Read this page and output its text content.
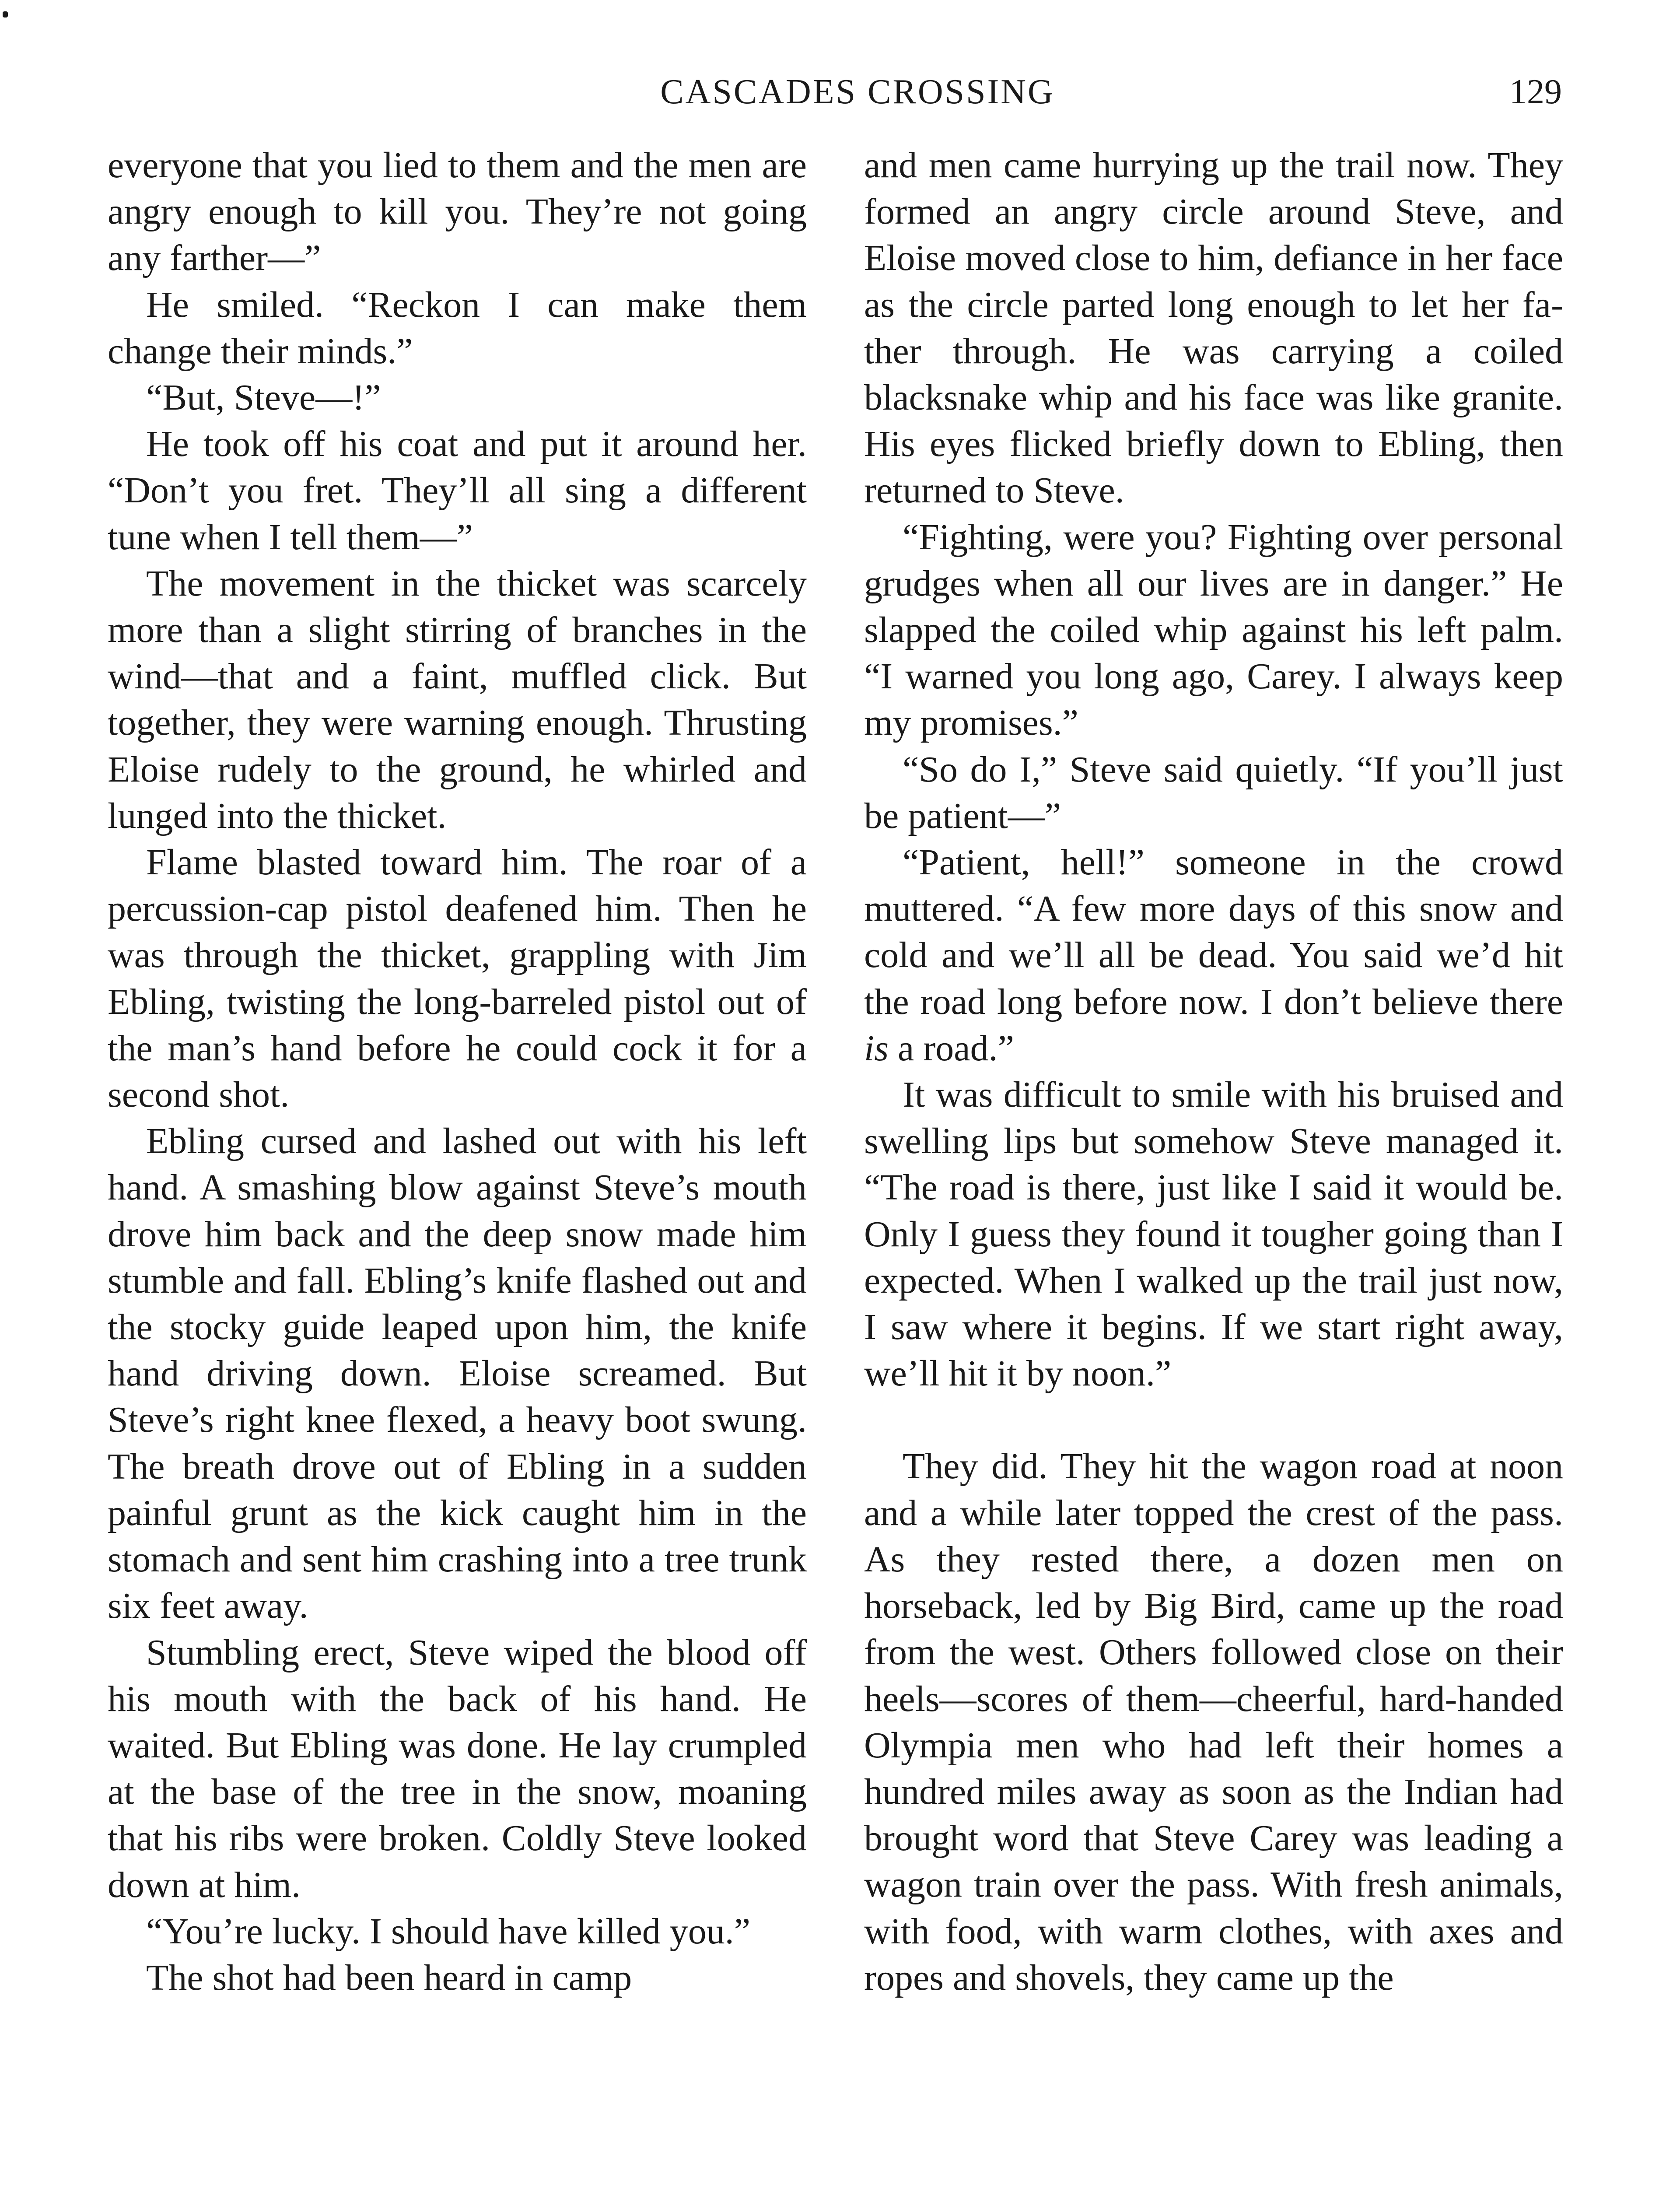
CASCADES CROSSING	129

everyone that you lied to them and the men are angry enough to kill you. They’re not going any farther—”

He smiled. “Reckon I can make them change their minds.”

“But, Steve—!”

He took off his coat and put it around her. “Don’t you fret. They’ll all sing a different tune when I tell them—”

The movement in the thicket was scarcely more than a slight stirring of branches in the wind—that and a faint, muffled click. But together, they were warning enough. Thrusting Eloise rudely to the ground, he whirled and lunged into the thicket.

Flame blasted toward him. The roar of a percussion-cap pistol deafened him. Then he was through the thicket, grappling with Jim Ebling, twisting the long-barreled pistol out of the man’s hand before he could cock it for a second shot.

Ebling cursed and lashed out with his left hand. A smashing blow against Steve’s mouth drove him back and the deep snow made him stumble and fall. Ebling’s knife flashed out and the stocky guide leaped upon him, the knife hand driving down. Eloise screamed. But Steve’s right knee flexed, a heavy boot swung. The breath drove out of Ebling in a sudden painful grunt as the kick caught him in the stomach and sent him crashing into a tree trunk six feet away.

Stumbling erect, Steve wiped the blood off his mouth with the back of his hand. He waited. But Ebling was done. He lay crumpled at the base of the tree in the snow, moaning that his ribs were broken. Coldly Steve looked down at him.

“You’re lucky. I should have killed you.”

The shot had been heard in camp

and men came hurrying up the trail now. They formed an angry circle around Steve, and Eloise moved close to him, defiance in her face as the circle parted long enough to let her father through. He was carrying a coiled blacksnake whip and his face was like granite. His eyes flicked briefly down to Ebling, then returned to Steve.

“Fighting, were you? Fighting over personal grudges when all our lives are in danger.” He slapped the coiled whip against his left palm. “I warned you long ago, Carey. I always keep my promises.”

“So do I,” Steve said quietly. “If you’ll just be patient—”

“Patient, hell!” someone in the crowd muttered. “A few more days of this snow and cold and we’ll all be dead. You said we’d hit the road long before now. I don’t believe there is a road.”

It was difficult to smile with his bruised and swelling lips but somehow Steve managed it. “The road is there, just like I said it would be. Only I guess they found it tougher going than I expected. When I walked up the trail just now, I saw where it begins. If we start right away, we’ll hit it by noon.”

They did. They hit the wagon road at noon and a while later topped the crest of the pass. As they rested there, a dozen men on horseback, led by Big Bird, came up the road from the west. Others followed close on their heels—scores of them—cheerful, hard-handed Olympia men who had left their homes a hundred miles away as soon as the Indian had brought word that Steve Carey was leading a wagon train over the pass. With fresh animals, with food, with warm clothes, with axes and ropes and shovels, they came up the
